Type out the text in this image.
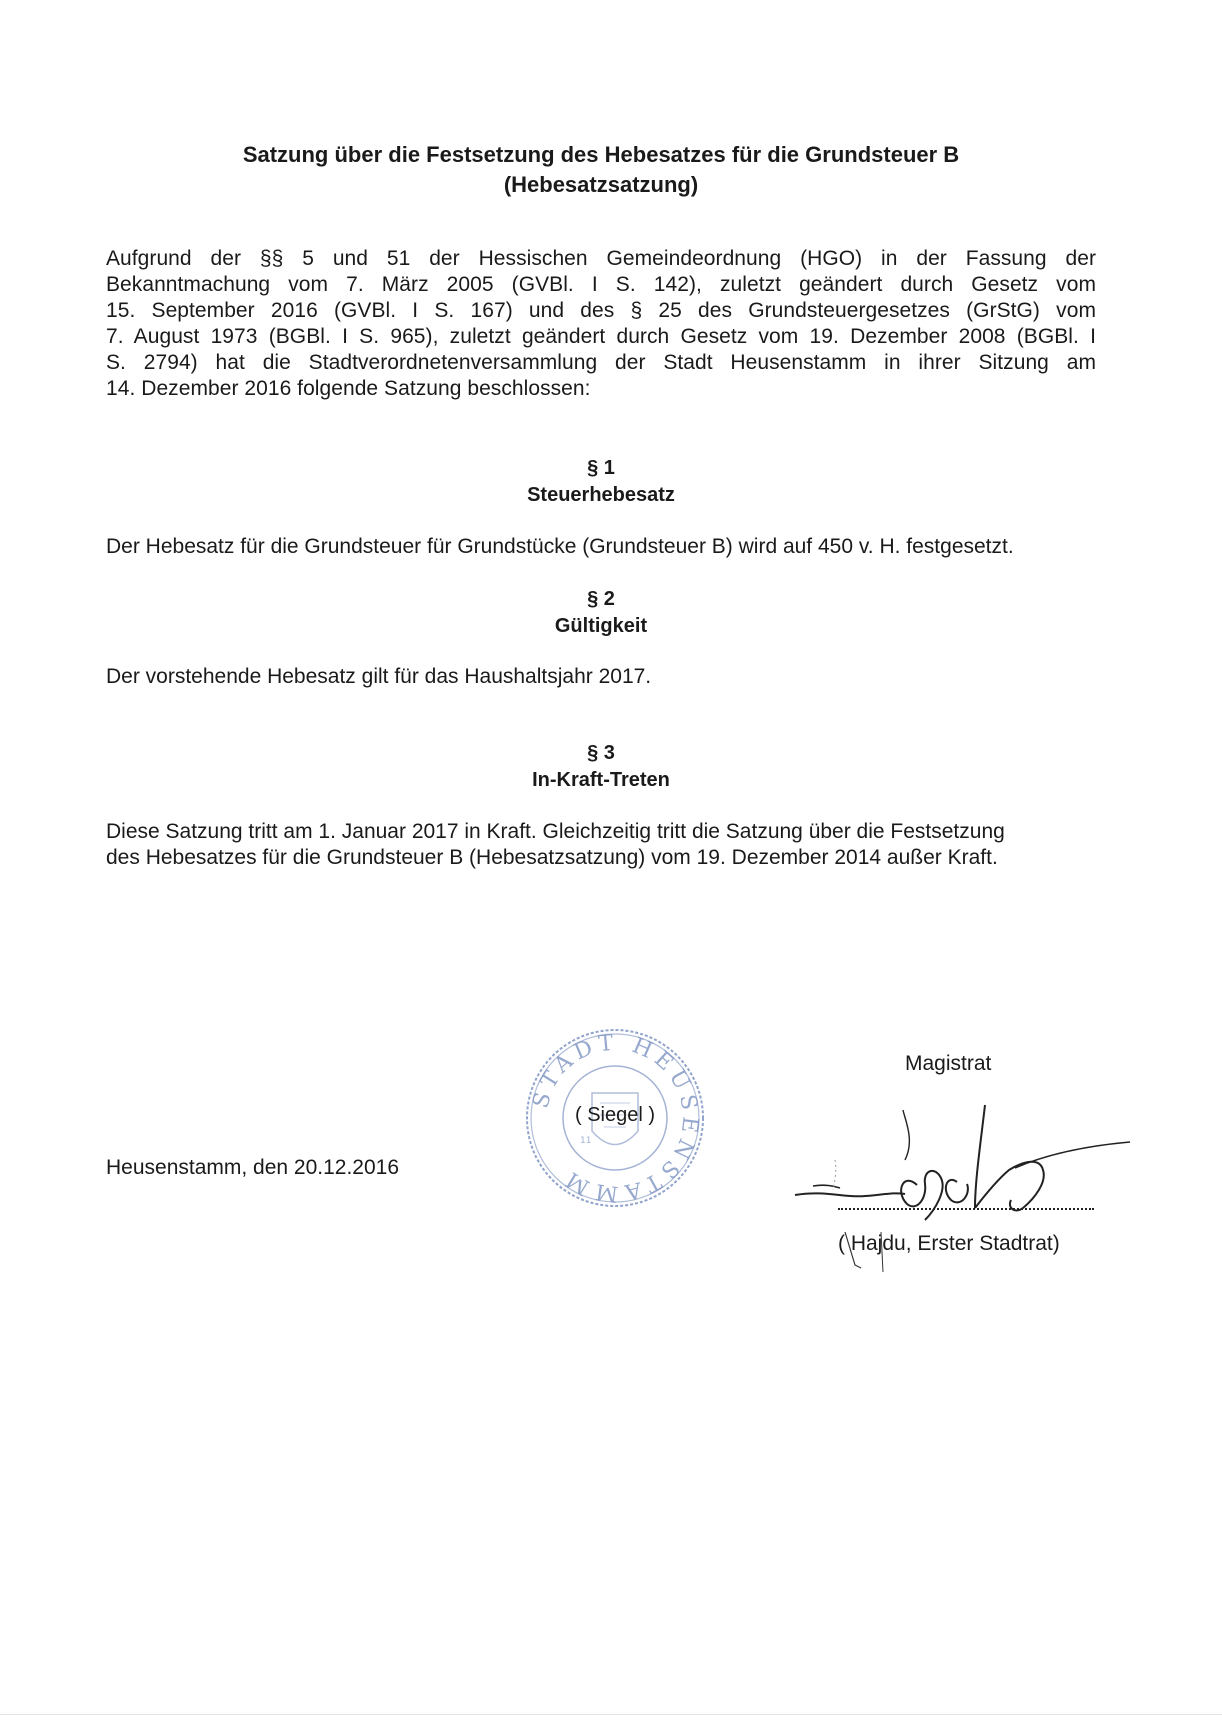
Satzung über die Festsetzung des Hebesatzes für die Grundsteuer B
(Hebesatzsatzung)
Aufgrund der §§ 5 und 51 der Hessischen Gemeindeordnung (HGO) in der Fassung der
Bekanntmachung vom 7. März 2005 (GVBl. I S. 142), zuletzt geändert durch Gesetz vom
15. September 2016 (GVBl. I S. 167) und des § 25 des Grundsteuergesetzes (GrStG) vom
7. August 1973 (BGBl. I S. 965), zuletzt geändert durch Gesetz vom 19. Dezember 2008 (BGBl. I
S. 2794) hat die Stadtverordnetenversammlung der Stadt Heusenstamm in ihrer Sitzung am
14. Dezember 2016 folgende Satzung beschlossen:
§ 1
Steuerhebesatz
Der Hebesatz für die Grundsteuer für Grundstücke (Grundsteuer B) wird auf 450 v. H. festgesetzt.
§ 2
Gültigkeit
Der vorstehende Hebesatz gilt für das Haushaltsjahr 2017.
§ 3
In-Kraft-Treten
Diese Satzung tritt am 1. Januar 2017 in Kraft. Gleichzeitig tritt die Satzung über die Festsetzung
des Hebesatzes für die Grundsteuer B (Hebesatzsatzung) vom 19. Dezember 2014 außer Kraft.
Heusenstamm, den 20.12.2016
STADT HEUSENSTAMM
11
( Siegel )
Magistrat
( Hajdu, Erster Stadtrat)
